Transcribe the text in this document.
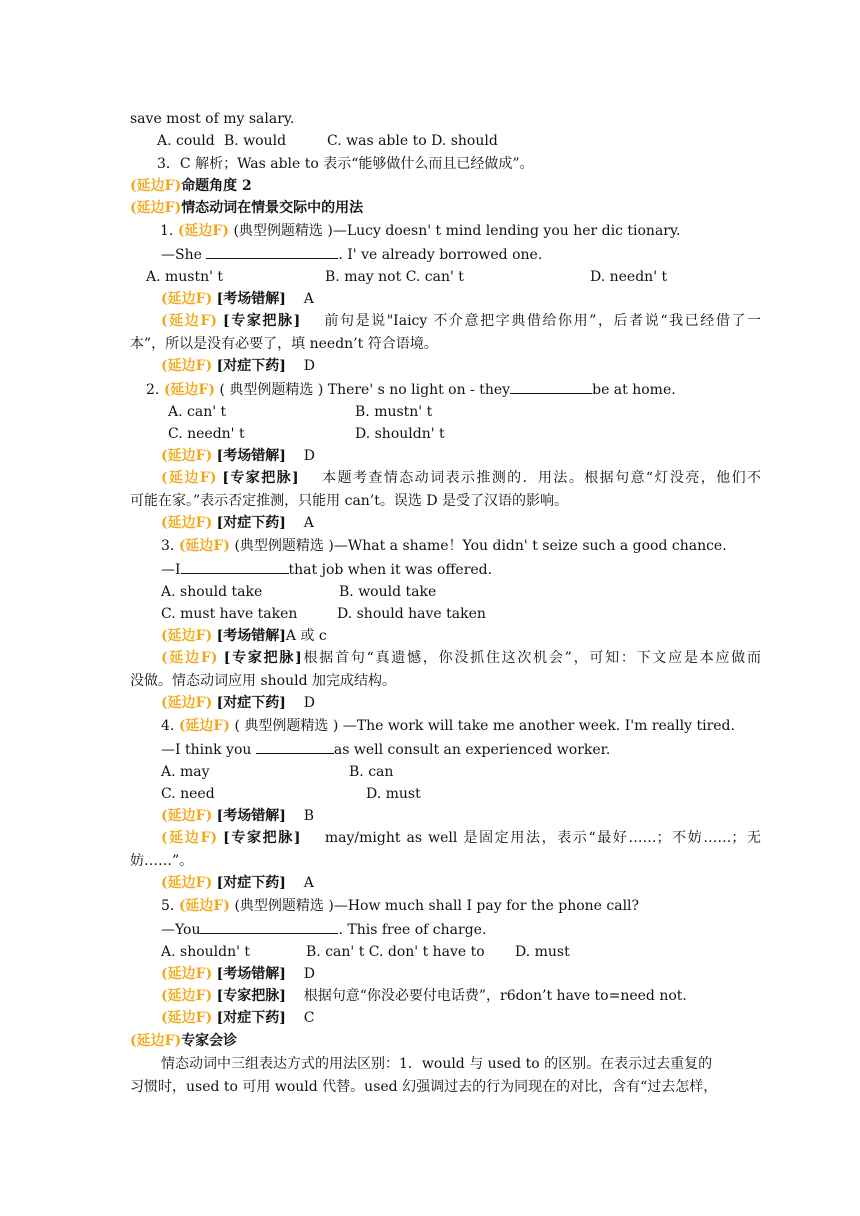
save most of my salary.
A. could B. would	C. was able to D. should
3．C 解析；Was able to 表示“能够做什么而且已经做成”。
(延边F)命题角度 2
(延边F)情态动词在情景交际中的用法
1. (延边F) (典型例题精选 )—Lucy doesn' t mind lending you her dic tionary.
—She	. I' ve already borrowed one.
A. mustn' t	B. may not C. can' t	D. needn' t
(延边F) [考场错解] A
(延边F) [专家把脉] 前句是说"Iaicy 不介意把字典借给你用”，后者说“我已经借了一
本”，所以是没有必要了，填 needn’t 符合语境。
(延边F) [对症下药] D
2. (延边F) ( 典型例题精选 ) There' s no light on - they	be at home.
A. can' t	B. mustn' t
C. needn' t	D. shouldn' t
(延边F) [考场错解] D
(延边F) [专家把脉] 本题考查情态动词表示推测的．用法。根据句意“灯没亮，他们不
可能在家。”表示否定推测，只能用 can’t。误选 D 是受了汉语的影响。
(延边F) [对症下药] A
3. (延边F) (典型例题精选 )—What a shame！You didn' t seize such a good chance.
—I	that job when it was offered.
A. should take	B. would take
C. must have taken	D. should have taken
(延边F) [考场错解]A 或 c
(延边F) [专家把脉]根据首句“真遗憾，你没抓住这次机会”，可知：下文应是本应做而
没做。情态动词应用 should 加完成结构。
(延边F) [对症下药] D
4. (延边F) ( 典型例题精选 ) —The work will take me another week. I'm really tired.
—I think you	as well consult an experienced worker.
A. may	B. can
C. need	D. must
(延边F) [考场错解] B
(延边F) [专家把脉] may/might as well 是固定用法，表示“最好……；不妨……；无
妨……”。
(延边F) [对症下药] A
5. (延边F) (典型例题精选 )—How much shall I pay for the phone call?
—You	. This free of charge.
A. shouldn' t	B. can' t C. don' t have to D. must
(延边F) [考场错解] D
(延边F) [专家把脉] 根据句意“你没必要付电话费”，r6don’t have to=need not.
(延边F) [对症下药] C
(延边F)专家会诊
情态动词中三组表达方式的用法区别：1．would 与 used to 的区别。在表示过去重复的
习惯时，used to 可用 would 代替。used 幻强调过去的行为同现在的对比，含有“过去怎样，
